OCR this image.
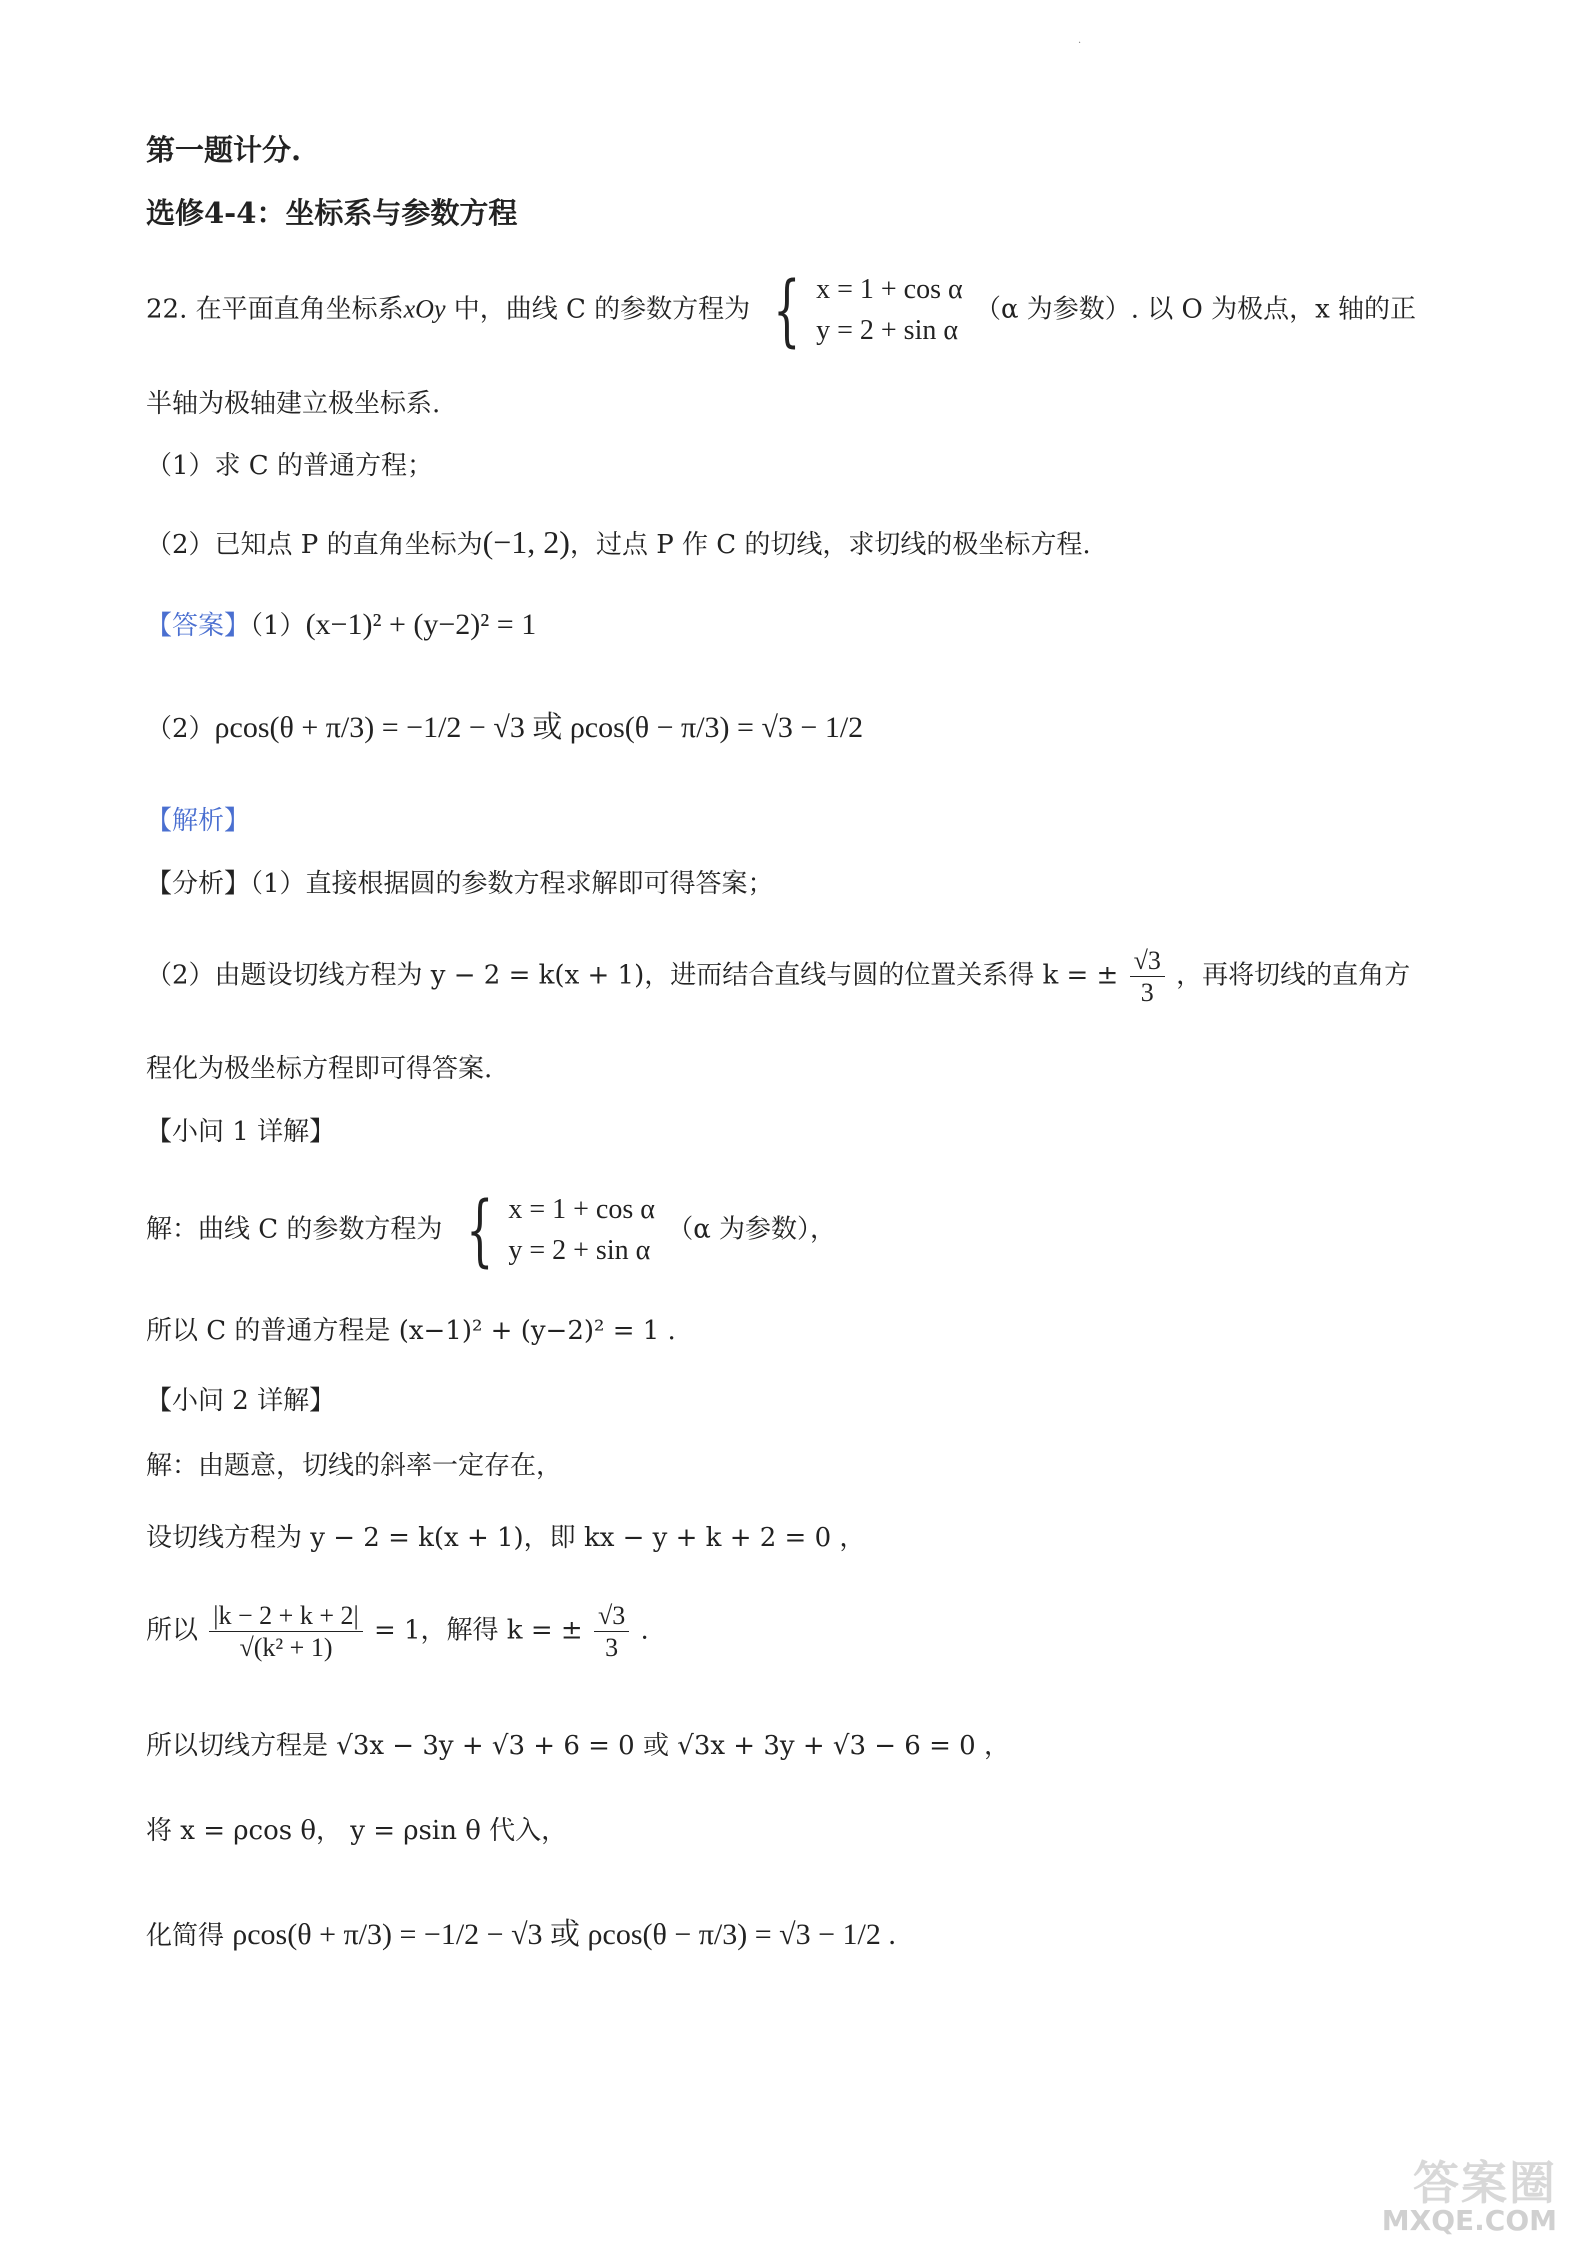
·
第一题计分.
选修4-4：坐标系与参数方程
22. 在平面直角坐标系xOy 中，曲线 C 的参数方程为 { x = 1 + cos α
y = 2 + sin α
（α 为参数）. 以 O 为极点，x 轴的正
半轴为极轴建立极坐标系.
（1）求 C 的普通方程；
（2）已知点 P 的直角坐标为(−1, 2)，过点 P 作 C 的切线，求切线的极坐标方程.
【答案】（1）(x−1)² + (y−2)² = 1
（2）ρcos(θ + π/3) = −1/2 − √3 或 ρcos(θ − π/3) = √3 − 1/2
【解析】
【分析】（1）直接根据圆的参数方程求解即可得答案；
（2）由题设切线方程为 y − 2 = k(x + 1)，进而结合直线与圆的位置关系得 k = ± $\frac{√3}{3}$ ，再将切线的直角方
程化为极坐标方程即可得答案.
【小问 1 详解】
解：曲线 C 的参数方程为 { x = 1 + cos α
y = 2 + sin α
（α 为参数），
所以 C 的普通方程是 (x−1)² + (y−2)² = 1 .
【小问 2 详解】
解：由题意，切线的斜率一定存在，
设切线方程为 y − 2 = k(x + 1)，即 kx − y + k + 2 = 0 ，
所以 $\frac{|k - 2 + k + 2|}{\text{√(k² + 1)}} = 1$，解得 k = ± $\frac{√3}{3}$ .
所以切线方程是 √3x − 3y + √3 + 6 = 0 或 √3x + 3y + √3 − 6 = 0 ，
将 x = ρcos θ， y = ρsin θ 代入，
化简得 ρcos(θ + π/3) = −1/2 − √3 或 ρcos(θ − π/3) = √3 − 1/2 .
答案圈
MXQE.COM
